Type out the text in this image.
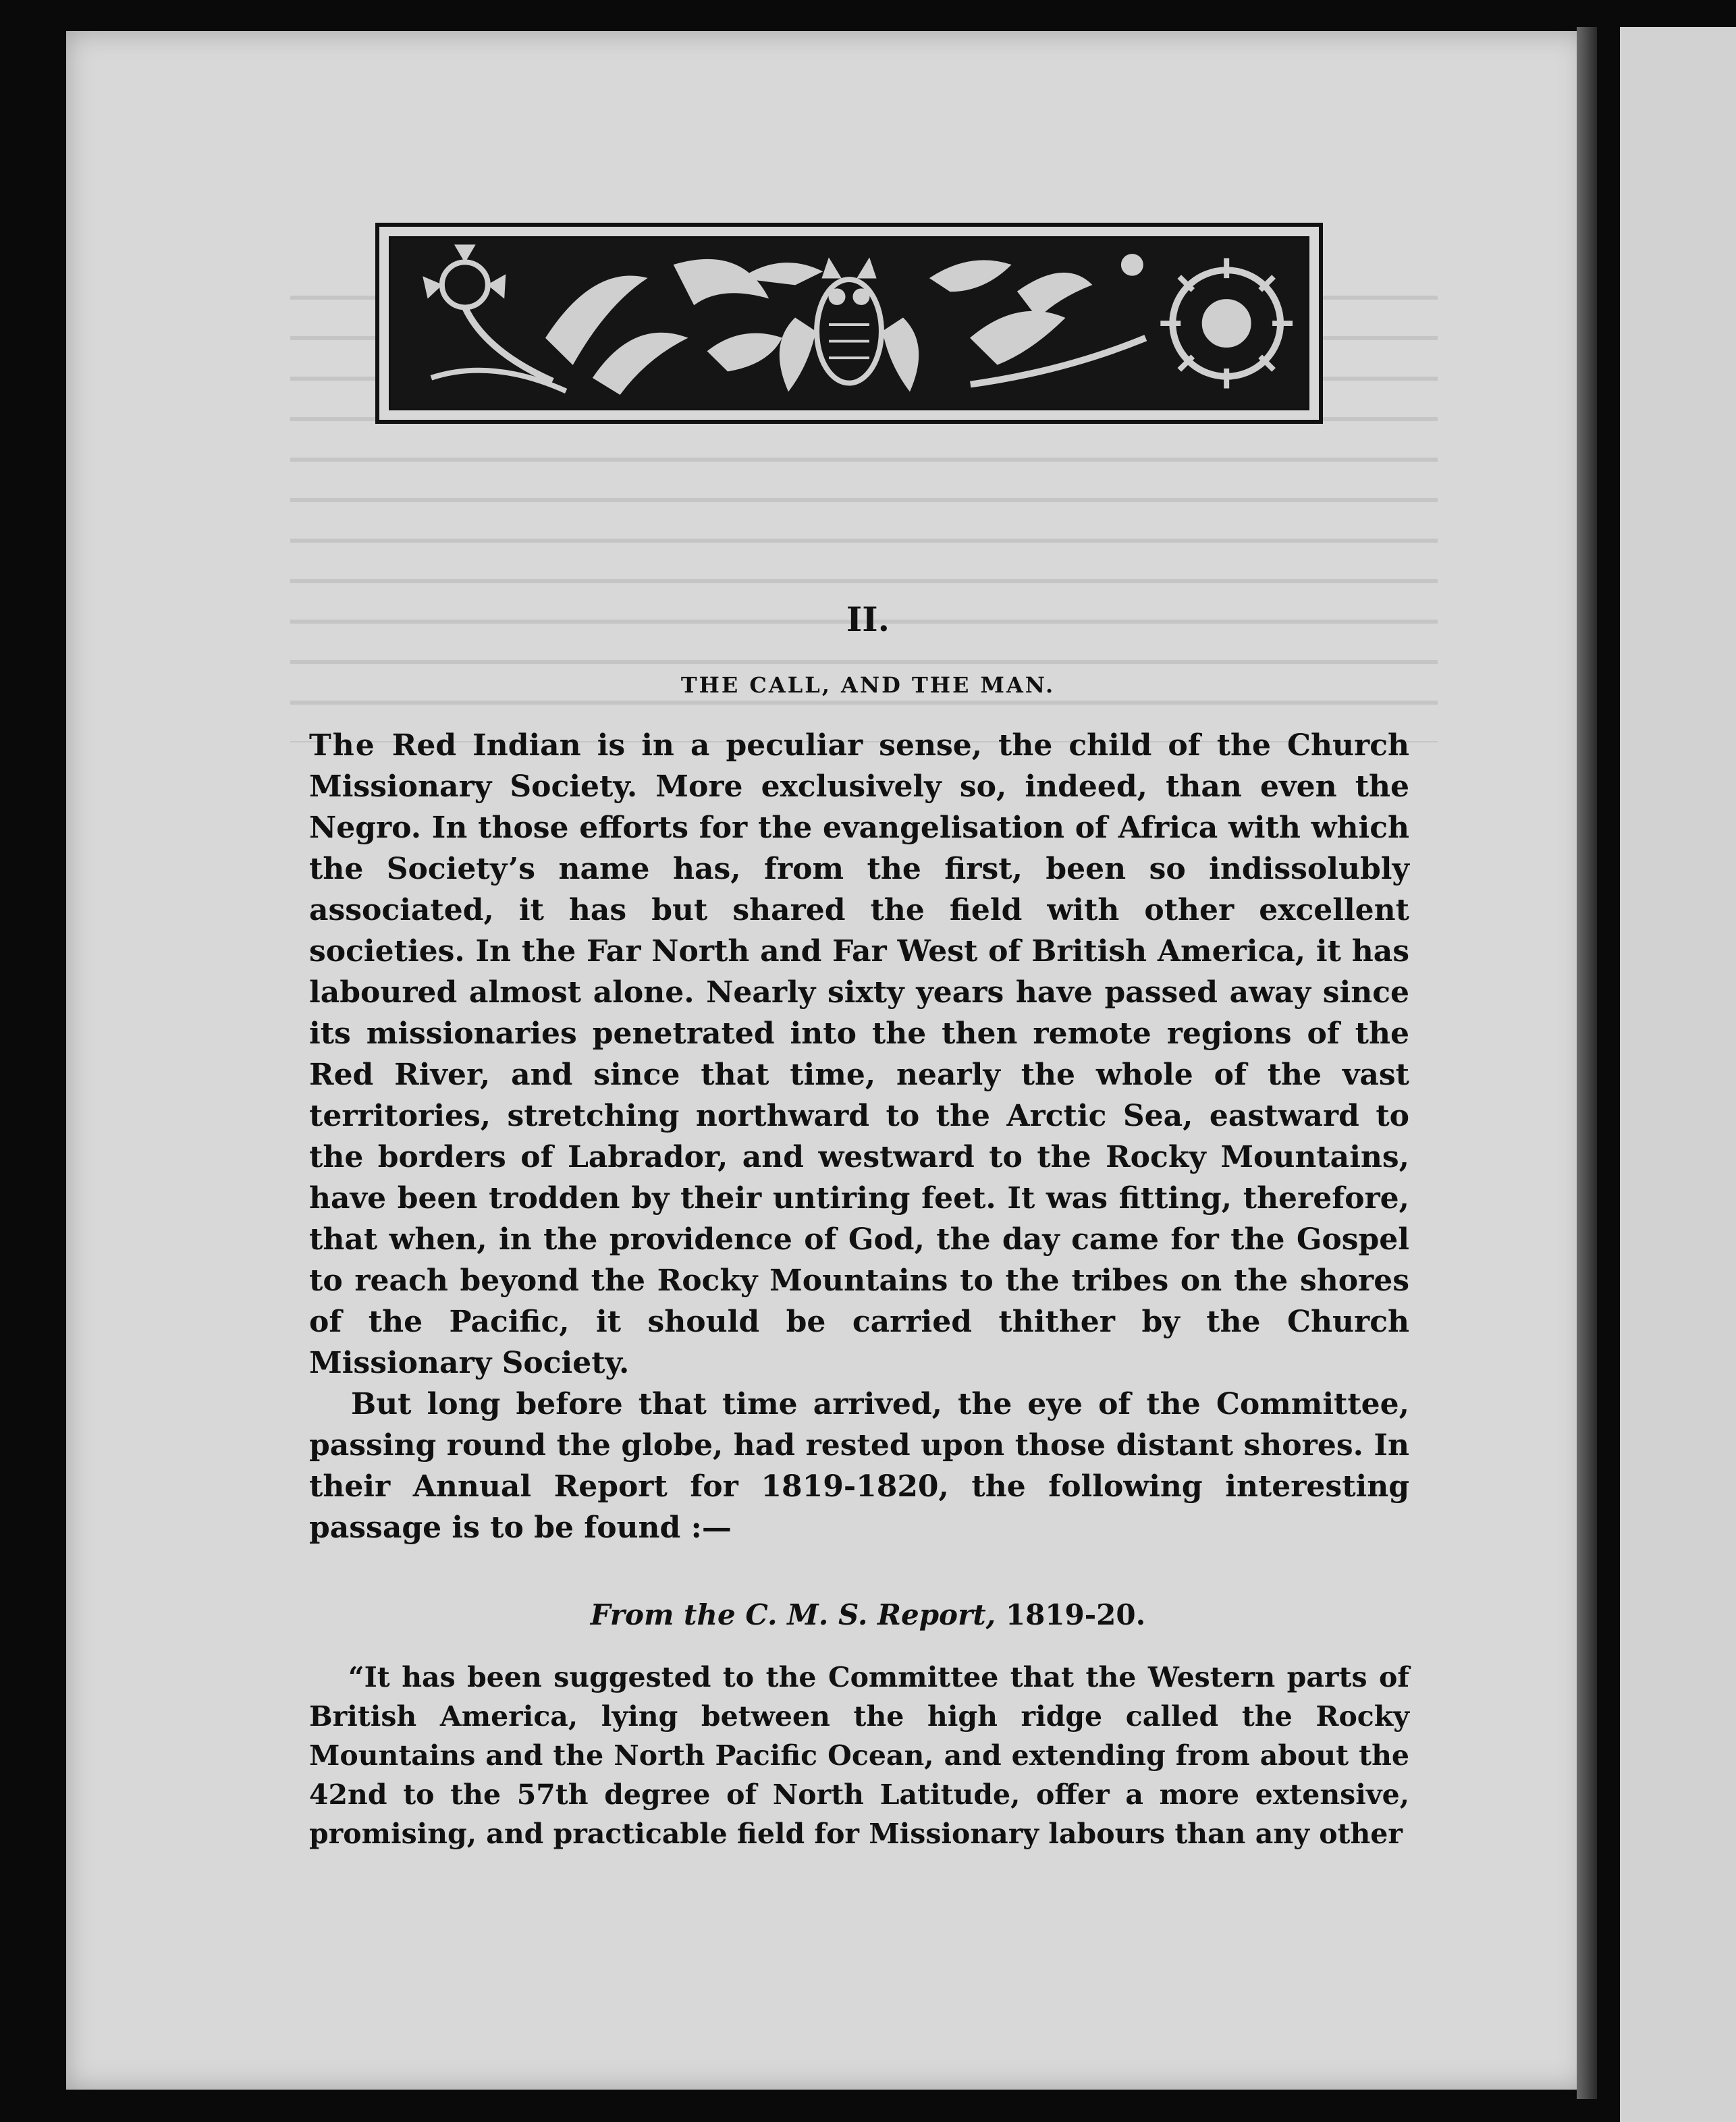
II.
THE CALL, AND THE MAN.

The Red Indian is in a peculiar sense, the child of the Church Missionary Society. More exclusively so, indeed, than even the Negro. In those efforts for the evangelisation of Africa with which the Society’s name has, from the first, been so indissolubly associated, it has but shared the field with other excellent societies. In the Far North and Far West of British America, it has laboured almost alone. Nearly sixty years have passed away since its missionaries penetrated into the then remote regions of the Red River, and since that time, nearly the whole of the vast territories, stretching northward to the Arctic Sea, eastward to the borders of Labrador, and westward to the Rocky Mountains, have been trodden by their untiring feet. It was fitting, therefore, that when, in the providence of God, the day came for the Gospel to reach beyond the Rocky Mountains to the tribes on the shores of the Pacific, it should be carried thither by the Church Missionary Society.

But long before that time arrived, the eye of the Committee, passing round the globe, had rested upon those distant shores. In their Annual Report for 1819-1820, the following interesting passage is to be found :—

From the C. M. S. Report, 1819-20.

“It has been suggested to the Committee that the Western parts of British America, lying between the high ridge called the Rocky Mountains and the North Pacific Ocean, and extending from about the 42nd to the 57th degree of North Latitude, offer a more extensive, promising, and practicable field for Missionary labours than any other
